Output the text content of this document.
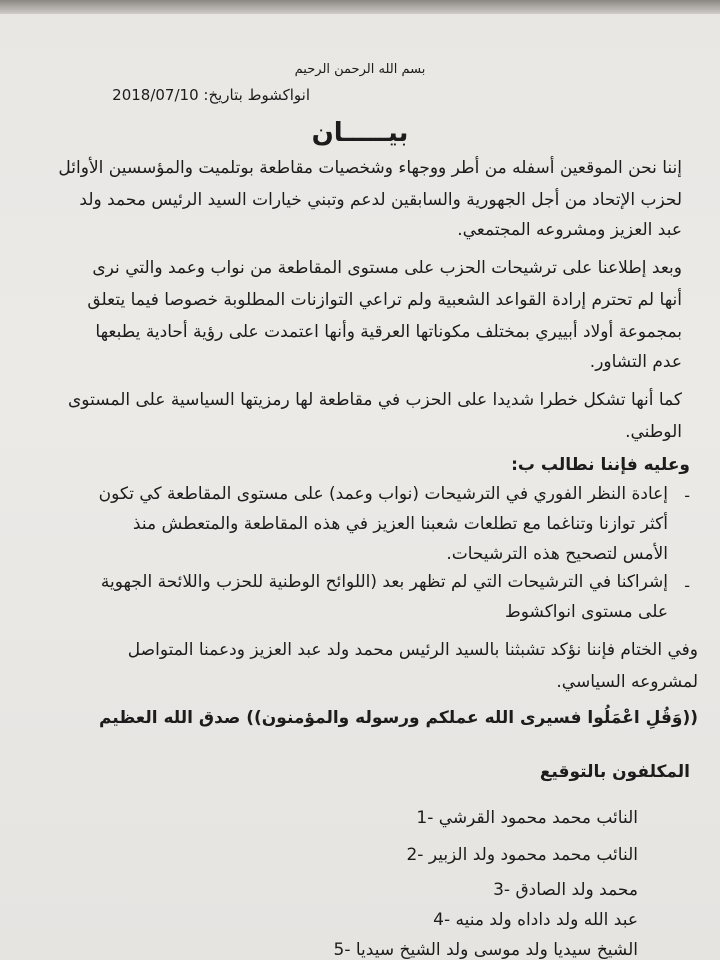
بسم الله الرحمن الرحيم
انواكشوط بتاريخ: 2018/07/10
بيـــــان
إننا نحن الموقعين أسفله من أطر ووجهاء وشخصيات مقاطعة بوتلميت والمؤسسين الأوائل
لحزب الإتحاد من أجل الجهورية والسابقين لدعم وتبني خيارات السيد الرئيس محمد ولد
عبد العزيز ومشروعه المجتمعي.
وبعد إطلاعنا على ترشيحات الحزب على مستوى المقاطعة من نواب وعمد والتي نرى
أنها لم تحترم إرادة القواعد الشعبية ولم تراعي التوازنات المطلوبة خصوصا فيما يتعلق
بمجموعة أولاد أبييري بمختلف مكوناتها العرقية وأنها اعتمدت على رؤية أحادية يطبعها
عدم التشاور.
كما أنها تشكل خطرا شديدا على الحزب في مقاطعة لها رمزيتها السياسية على المستوى
الوطني.
وعليه فإننا نطالب ب:
-
إعادة النظر الفوري في الترشيحات (نواب وعمد) على مستوى المقاطعة كي تكون
أكثر توازنا وتناغما مع تطلعات شعبنا العزيز في هذه المقاطعة والمتعطش منذ
الأمس لتصحيح هذه الترشيحات.
-
إشراكنا في الترشيحات التي لم تظهر بعد (اللوائح الوطنية للحزب واللائحة الجهوية
على مستوى انواكشوط
وفي الختام فإننا نؤكد تشبثنا بالسيد الرئيس محمد ولد عبد العزيز ودعمنا المتواصل
لمشروعه السياسي.
((وَقُلِ اعْمَلُوا فسيرى الله عملكم ورسوله والمؤمنون)) صدق الله العظيم
المكلفون بالتوقيع
1- النائب محمد محمود القرشي
2- النائب محمد محمود ولد الزبير
3- محمد ولد الصادق
4- عبد الله ولد داداه ولد منيه
5- الشيخ سيديا ولد موسى ولد الشيخ سيديا
